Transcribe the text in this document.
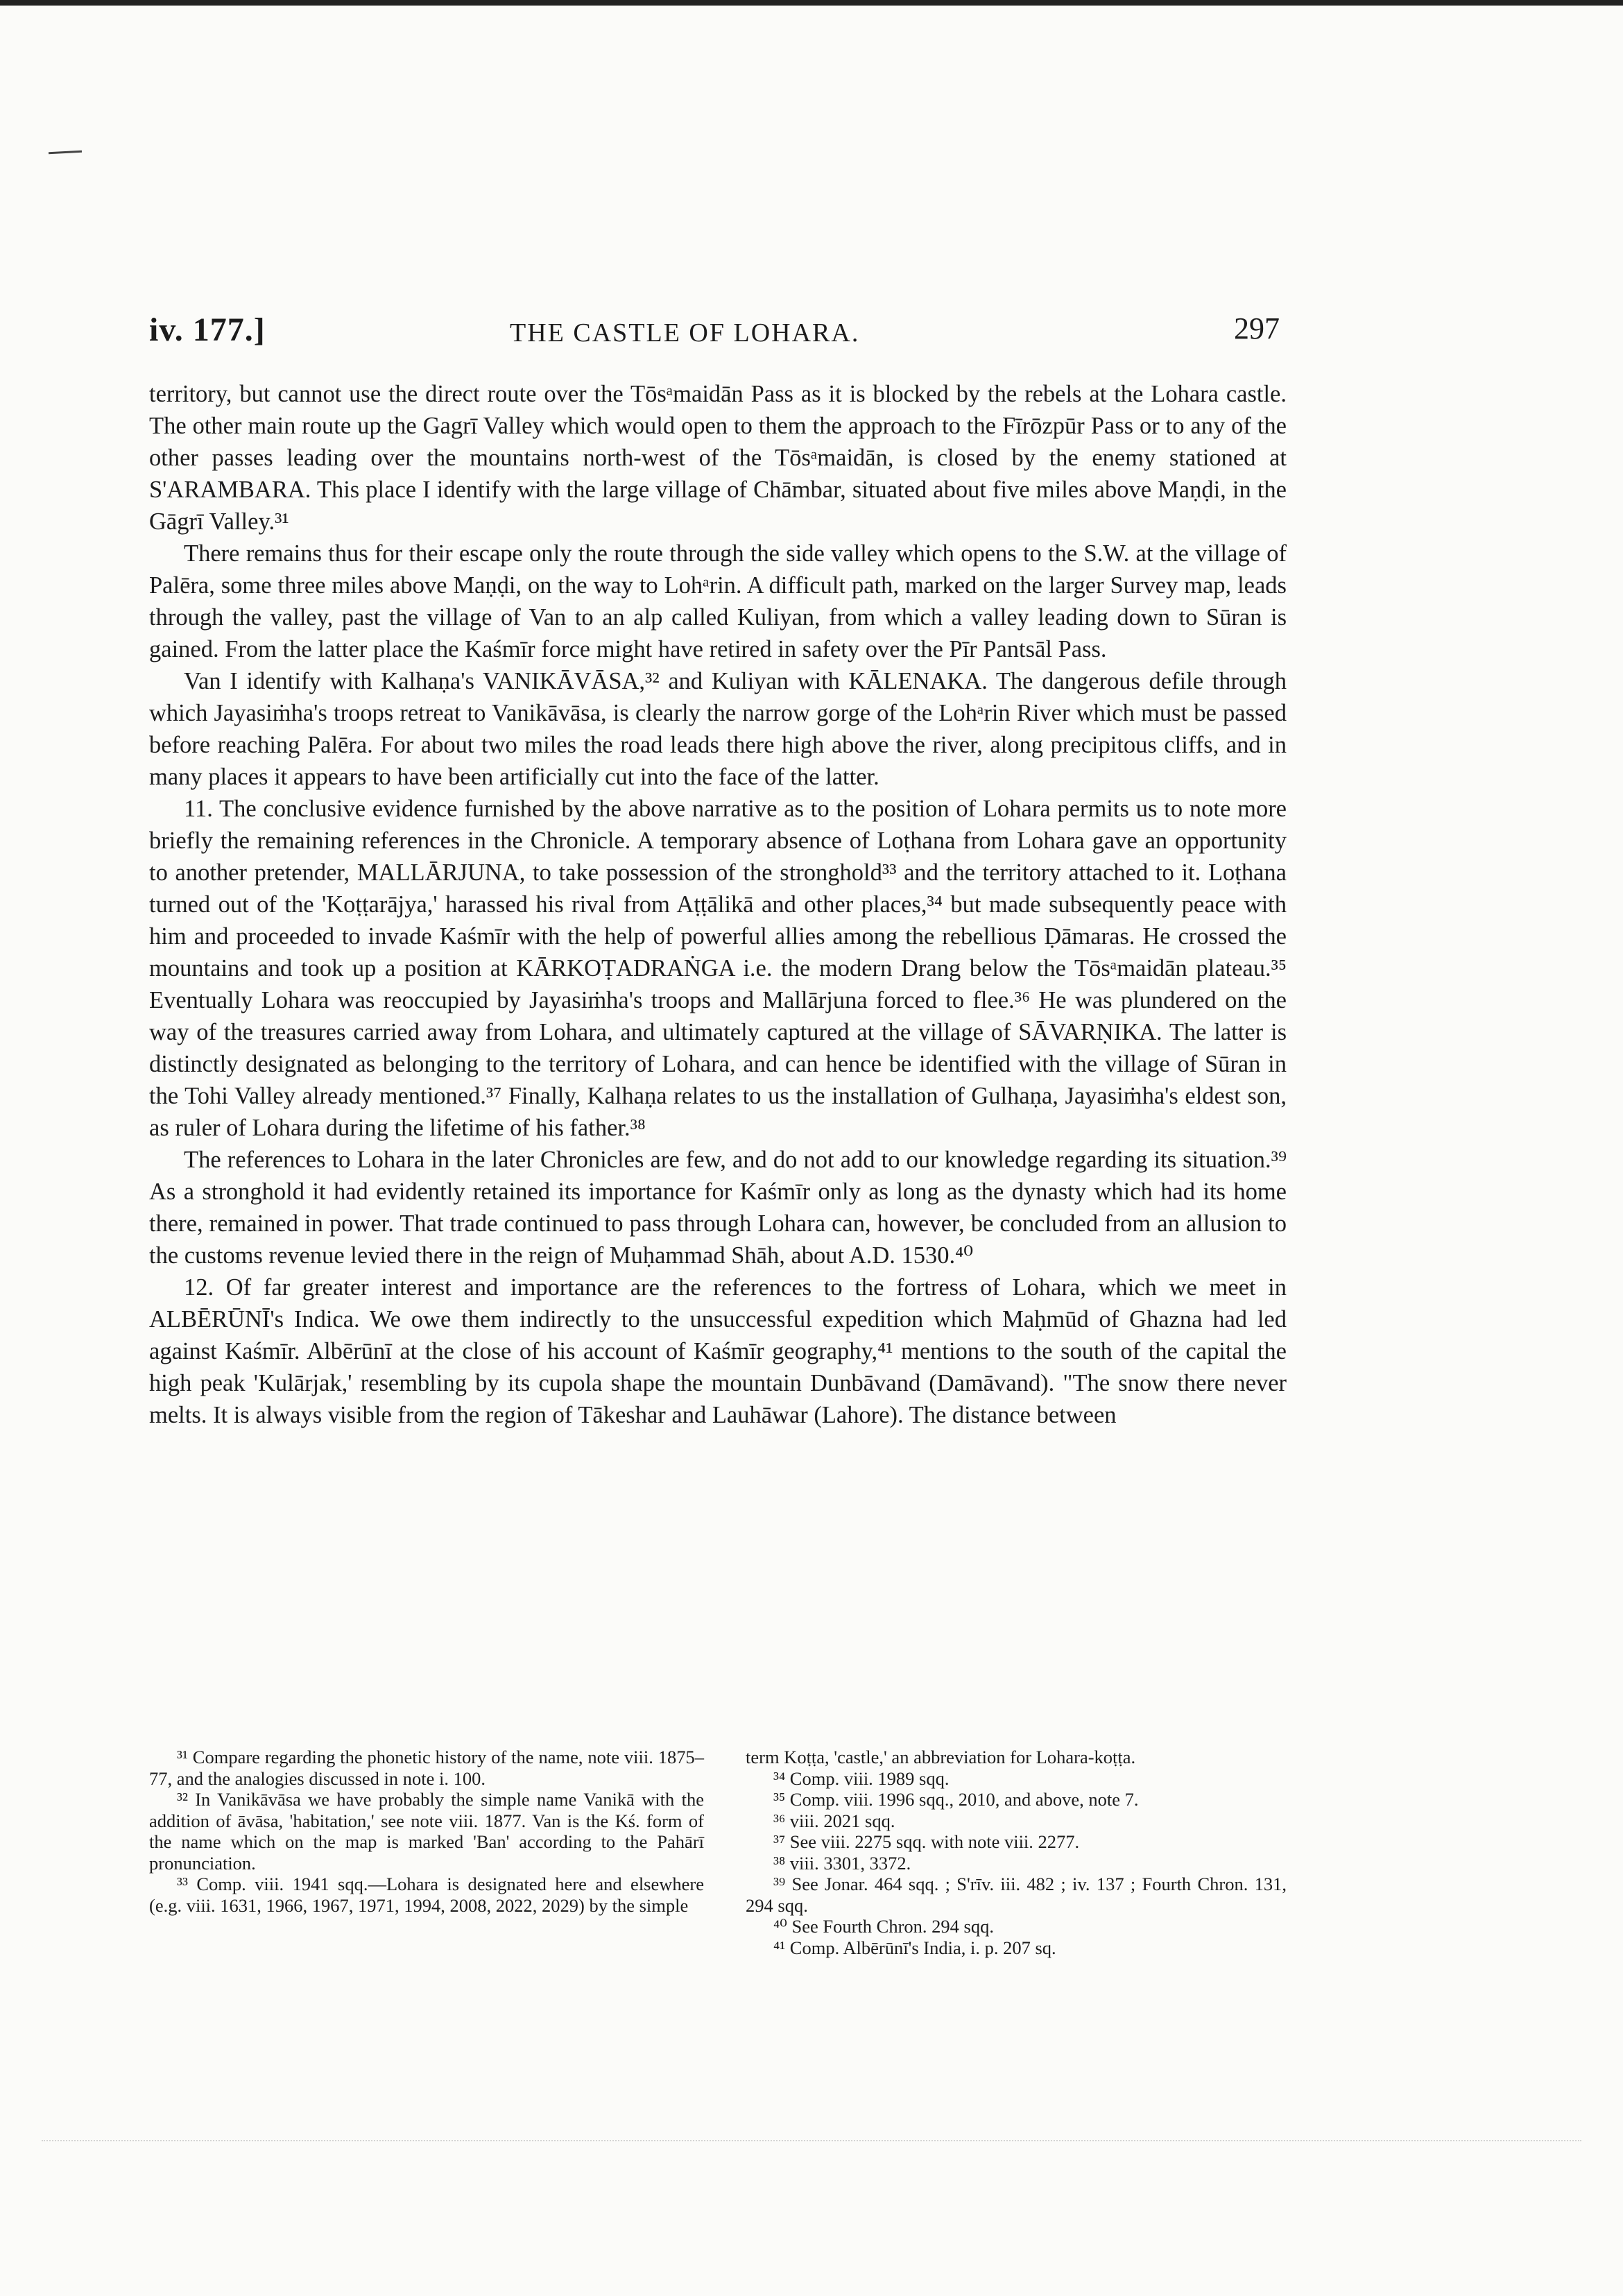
iv. 177.]	THE CASTLE OF LOHARA.	297

territory, but cannot use the direct route over the Tōsᵃmaidān Pass as it is blocked by the rebels at the Lohara castle. The other main route up the Gagrī Valley which would open to them the approach to the Fīrōzpūr Pass or to any of the other passes leading over the mountains north-west of the Tōsᵃmaidān, is closed by the enemy stationed at S'ARAMBARA. This place I identify with the large village of Chāmbar, situated about five miles above Maṇḍi, in the Gāgrī Valley.³¹

There remains thus for their escape only the route through the side valley which opens to the S.W. at the village of Palēra, some three miles above Maṇḍi, on the way to Lohᵃrin. A difficult path, marked on the larger Survey map, leads through the valley, past the village of Van to an alp called Kuliyan, from which a valley leading down to Sūran is gained. From the latter place the Kaśmīr force might have retired in safety over the Pīr Pantsāl Pass.

Van I identify with Kalhaṇa's VANIKĀVĀSA,³² and Kuliyan with KĀLENAKA. The dangerous defile through which Jayasiṁha's troops retreat to Vanikāvāsa, is clearly the narrow gorge of the Lohᵃrin River which must be passed before reaching Palēra. For about two miles the road leads there high above the river, along precipitous cliffs, and in many places it appears to have been artificially cut into the face of the latter.

11. The conclusive evidence furnished by the above narrative as to the position of Lohara permits us to note more briefly the remaining references in the Chronicle. A temporary absence of Loṭhana from Lohara gave an opportunity to another pretender, MALLĀRJUNA, to take possession of the stronghold³³ and the territory attached to it. Loṭhana turned out of the 'Koṭṭarājya,' harassed his rival from Aṭṭālikā and other places,³⁴ but made subsequently peace with him and proceeded to invade Kaśmīr with the help of powerful allies among the rebellious Ḍāmaras. He crossed the mountains and took up a position at KĀRKOṬADRAṄGA i.e. the modern Drang below the Tōsᵃmaidān plateau.³⁵ Eventually Lohara was reoccupied by Jayasiṁha's troops and Mallārjuna forced to flee.³⁶ He was plundered on the way of the treasures carried away from Lohara, and ultimately captured at the village of SĀVARṆIKA. The latter is distinctly designated as belonging to the territory of Lohara, and can hence be identified with the village of Sūran in the Tohi Valley already mentioned.³⁷ Finally, Kalhaṇa relates to us the installation of Gulhaṇa, Jayasiṁha's eldest son, as ruler of Lohara during the lifetime of his father.³⁸

The references to Lohara in the later Chronicles are few, and do not add to our knowledge regarding its situation.³⁹ As a stronghold it had evidently retained its importance for Kaśmīr only as long as the dynasty which had its home there, remained in power. That trade continued to pass through Lohara can, however, be concluded from an allusion to the customs revenue levied there in the reign of Muḥammad Shāh, about A.D. 1530.⁴⁰

12. Of far greater interest and importance are the references to the fortress of Lohara, which we meet in ALBĒRŪNĪ's Indica. We owe them indirectly to the unsuccessful expedition which Maḥmūd of Ghazna had led against Kaśmīr. Albērūnī at the close of his account of Kaśmīr geography,⁴¹ mentions to the south of the capital the high peak 'Kulārjak,' resembling by its cupola shape the mountain Dunbāvand (Damāvand). "The snow there never melts. It is always visible from the region of Tākeshar and Lauhāwar (Lahore). The distance between

³¹ Compare regarding the phonetic history of the name, note viii. 1875–77, and the analogies discussed in note i. 100.

³² In Vanikāvāsa we have probably the simple name Vanikā with the addition of āvāsa, 'habitation,' see note viii. 1877. Van is the Kś. form of the name which on the map is marked 'Ban' according to the Pahārī pronunciation.

³³ Comp. viii. 1941 sqq.—Lohara is designated here and elsewhere (e.g. viii. 1631, 1966, 1967, 1971, 1994, 2008, 2022, 2029) by the simple

term Koṭṭa, 'castle,' an abbreviation for Lohara-koṭṭa.

³⁴ Comp. viii. 1989 sqq.

³⁵ Comp. viii. 1996 sqq., 2010, and above, note 7.

³⁶ viii. 2021 sqq.

³⁷ See viii. 2275 sqq. with note viii. 2277.

³⁸ viii. 3301, 3372.

³⁹ See Jonar. 464 sqq. ; S'rīv. iii. 482 ; iv. 137 ; Fourth Chron. 131, 294 sqq.

⁴⁰ See Fourth Chron. 294 sqq.

⁴¹ Comp. Albērūnī's India, i. p. 207 sq.
